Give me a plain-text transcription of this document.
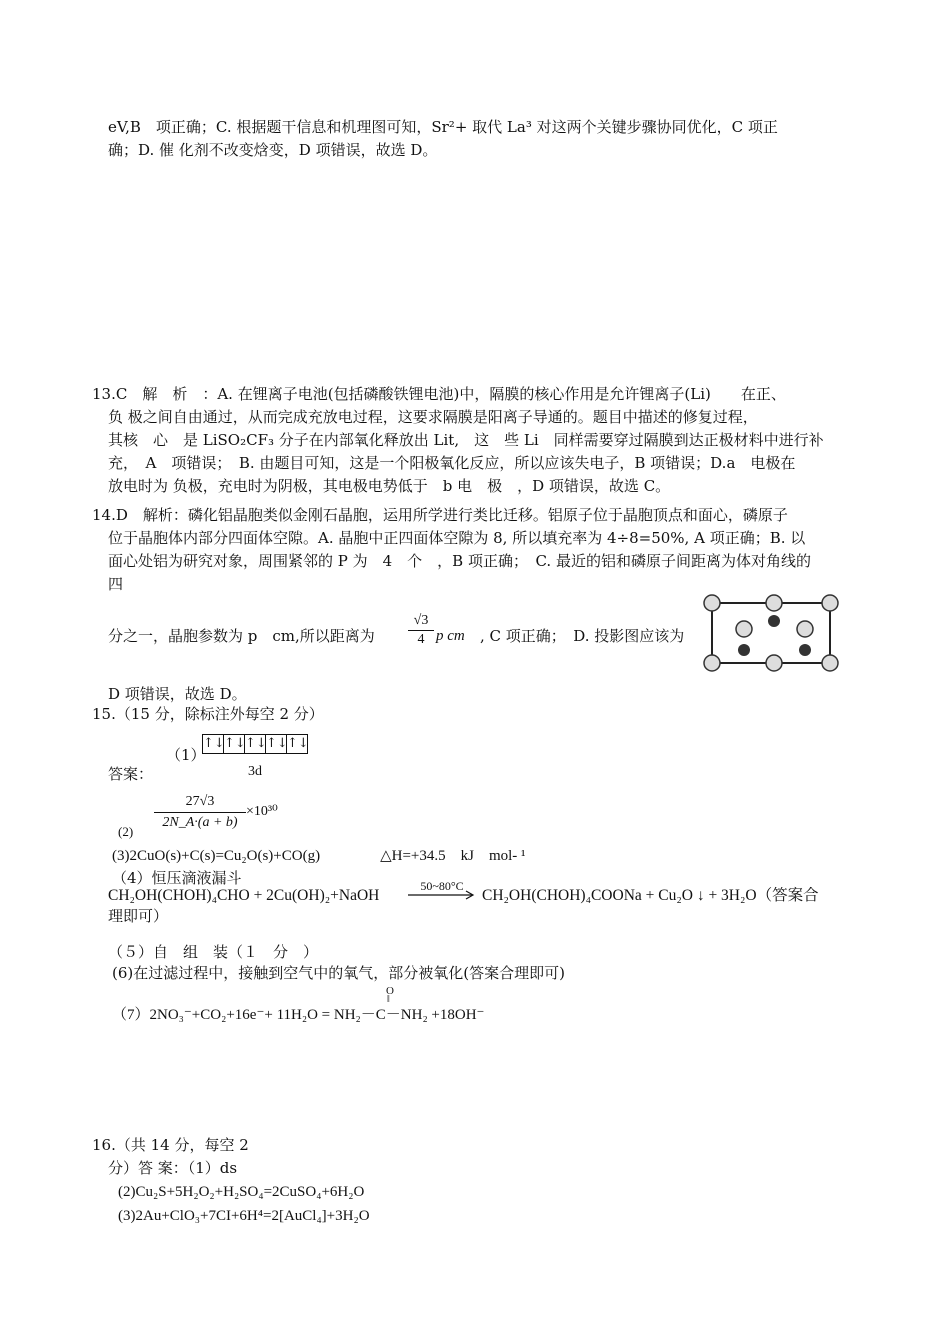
eV,B　项正确；C. 根据题干信息和机理图可知，Sr²+ 取代 La³ 对这两个关键步骤协同优化，C 项正
确；D. 催 化剂不改变焓变，D 项错误，故选 D。
13.C　解　析　：A. 在锂离子电池(包括磷酸铁锂电池)中，隔膜的核心作用是允许锂离子(Li)　　在正、
负 极之间自由通过，从而完成充放电过程，这要求隔膜是阳离子导通的。题目中描述的修复过程，
其核　心　是 LiSO₂CF₃ 分子在内部氧化释放出 Lit,　这　些 Li　同样需要穿过隔膜到达正极材料中进行补
充，　A　项错误；　B. 由题目可知，这是一个阳极氧化反应，所以应该失电子，B 项错误；D.a　电极在
放电时为 负极，充电时为阴极，其电极电势低于　b 电　极　，D 项错误，故选 C。
14.D　解析：磷化铝晶胞类似金刚石晶胞，运用所学进行类比迁移。铝原子位于晶胞顶点和面心，磷原子
位于晶胞体内部分四面体空隙。A. 晶胞中正四面体空隙为 8, 所以填充率为 4÷8=50%, A 项正确；B. 以
面心处铝为研究对象，周围紧邻的 P 为　4　个　，B 项正确；　C. 最近的铝和磷原子间距离为体对角线的
四
分之一，晶胞参数为 p　cm,所以距离为 $\frac{√3}{4}$ p cm , C 项正确；　D. 投影图应该为
D 项错误，故选 D。
15.（15 分，除标注外每空 2 分）
（1）
↑↓ ↑↓ ↑↓ ↑↓ ↑↓
3d
答案：
$\frac{27√3}{2N\_A\cdot(a + b)} \times 10^{30}$
(2)
(3)2CuO(s)+C(s)=Cu₂O(s)+CO(g)　　　　△H=+34.5　kJ　mol- ¹
（4）恒压滴液漏斗
CH₂OH(CHOH)₄CHO + 2Cu(OH)₂+NaOH
50~80°C
CH₂OH(CHOH)₄COONa + Cu₂O ↓ + 3H₂O（答案合
理即可）
（５）自　组　装（１　分　）
(6)在过滤过程中，接触到空气中的氧气，部分被氧化(答案合理即可)
O
‖
（7）2NO₃⁻+CO₂+16e⁻+ 11H₂O = NH₂－C－NH₂ +18OH⁻
16.（共 14 分，每空 2
分）答 案：（1）ds
(2)Cu₂S+5H₂O₂+H₂SO₄=2CuSO₄+6H₂O
(3)2Au+ClO₃+7CI+6H⁴=2[AuCl₄]+3H₂O
